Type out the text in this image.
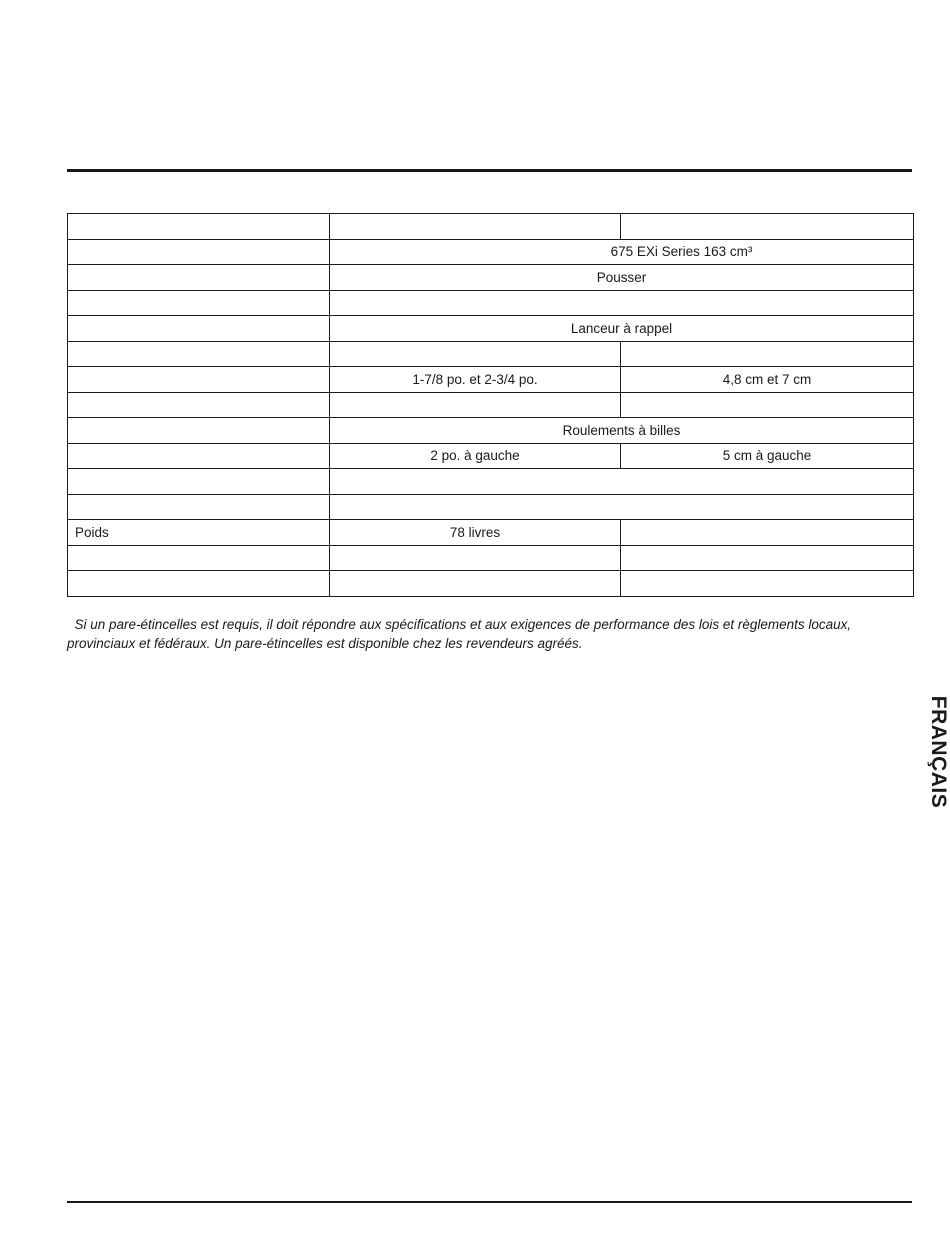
	675 EXi Series 163 cm³	
	Pousser	

	Lanceur à rappel	

	1-7/8 po. et 2-3/4 po.	4,8 cm et 7 cm

	Roulements à billes	
	2 po. à gauche	5 cm à gauche

Poids	78 livres	

Si un pare-étincelles est requis, il doit répondre aux spécifications et aux exigences de performance des lois et règlements locaux, provinciaux et fédéraux. Un pare-étincelles est disponible chez les revendeurs agréés.

FRANÇAIS
